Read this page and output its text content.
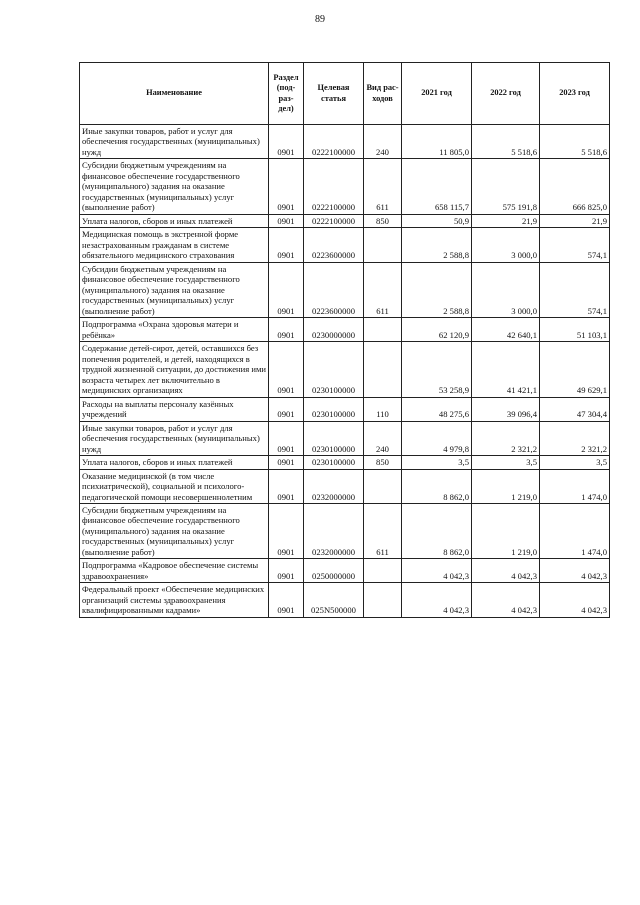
89
Наименование	Раздел (под-раз-дел)	Целевая статья	Вид рас-ходов	2021 год	2022 год	2023 год
Иные закупки товаров, работ и услуг для обеспечения государственных (муниципальных) нужд	0901	0222100000	240	11 805,0	5 518,6	5 518,6
Субсидии бюджетным учреждениям на финансовое обеспечение государственного (муниципального) задания на оказание государственных (муниципальных) услуг (выполнение работ)	0901	0222100000	611	658 115,7	575 191,8	666 825,0
Уплата налогов, сборов и иных платежей	0901	0222100000	850	50,9	21,9	21,9
Медицинская помощь в экстренной форме незастрахованным гражданам в системе обязательного медицинского страхования	0901	0223600000		2 588,8	3 000,0	574,1
Субсидии бюджетным учреждениям на финансовое обеспечение государственного (муниципального) задания на оказание государственных (муниципальных) услуг (выполнение работ)	0901	0223600000	611	2 588,8	3 000,0	574,1
Подпрограмма «Охрана здоровья матери и ребёнка»	0901	0230000000		62 120,9	42 640,1	51 103,1
Содержание детей-сирот, детей, оставшихся без попечения родителей, и детей, находящихся в трудной жизненной ситуации, до достижения ими возраста четырех лет включительно в медицинских организациях	0901	0230100000		53 258,9	41 421,1	49 629,1
Расходы на выплаты персоналу казённых учреждений	0901	0230100000	110	48 275,6	39 096,4	47 304,4
Иные закупки товаров, работ и услуг для обеспечения государственных (муниципальных) нужд	0901	0230100000	240	4 979,8	2 321,2	2 321,2
Уплата налогов, сборов и иных платежей	0901	0230100000	850	3,5	3,5	3,5
Оказание медицинской (в том числе психиатрической), социальной и психолого-педагогической помощи несовершеннолетним	0901	0232000000		8 862,0	1 219,0	1 474,0
Субсидии бюджетным учреждениям на финансовое обеспечение государственного (муниципального) задания на оказание государственных (муниципальных) услуг (выполнение работ)	0901	0232000000	611	8 862,0	1 219,0	1 474,0
Подпрограмма «Кадровое обеспечение системы здравоохранения»	0901	0250000000		4 042,3	4 042,3	4 042,3
Федеральный проект «Обеспечение медицинских организаций системы здравоохранения квалифицированными кадрами»	0901	025N500000		4 042,3	4 042,3	4 042,3
